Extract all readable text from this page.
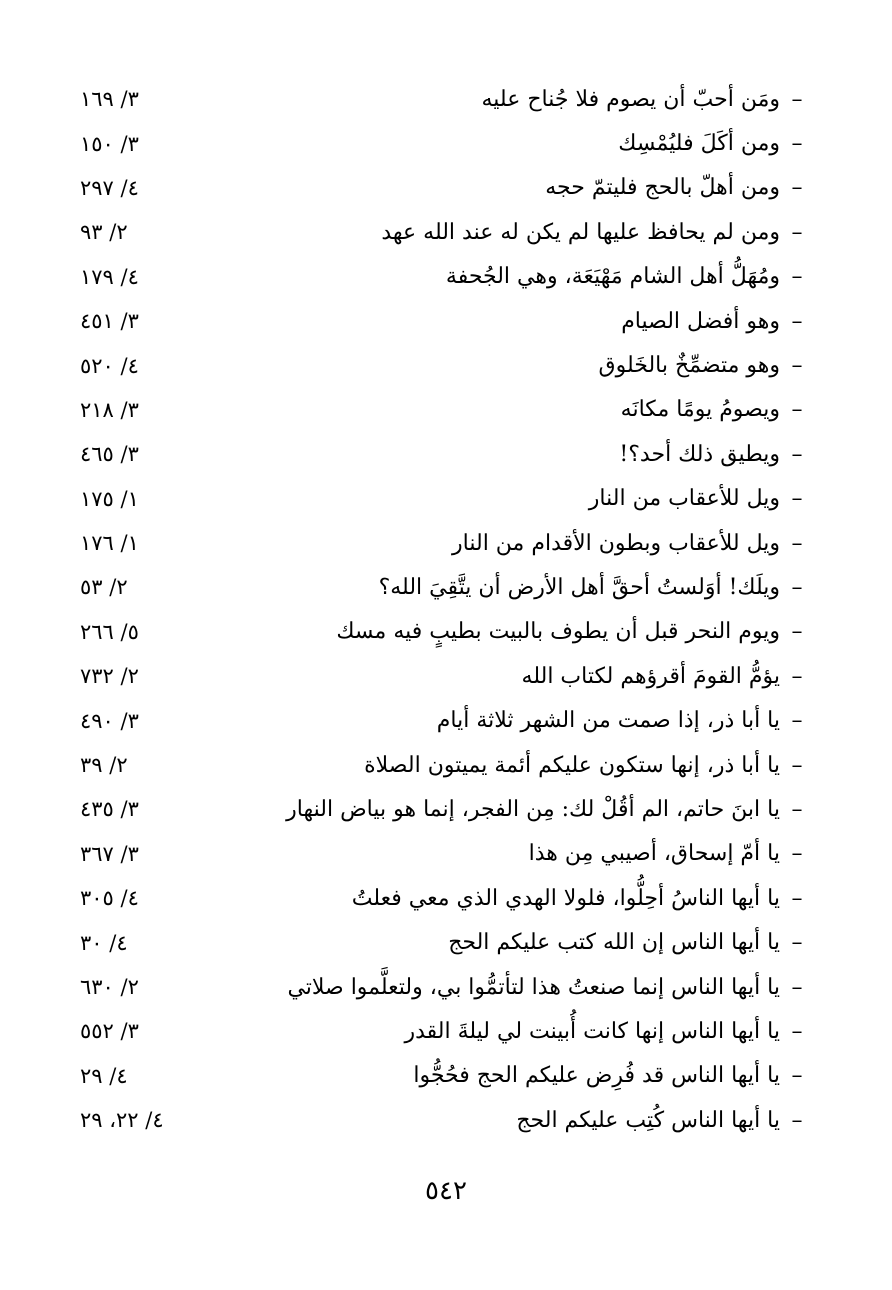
–
ومَن أحبّ أن يصوم فلا جُناح عليه
٣/ ١٦٩
–
ومن أكَلَ فليُمْسِك
٣/ ١٥٠
–
ومن أهلّ بالحج فليتمّ حجه
٤/ ٢٩٧
–
ومن لم يحافظ عليها لم يكن له عند الله عهد
٢/ ٩٣
–
ومُهَلُّ أهل الشام مَهْيَعَة، وهي الجُحفة
٤/ ١٧٩
–
وهو أفضل الصيام
٣/ ٤٥١
–
وهو متضمِّخٌ بالخَلوق
٤/ ٥٢٠
–
ويصومُ يومًا مكانَه
٣/ ٢١٨
–
ويطيق ذلك أحد؟!
٣/ ٤٦٥
–
ويل للأعقاب من النار
١/ ١٧٥
–
ويل للأعقاب وبطون الأقدام من النار
١/ ١٧٦
–
ويلَك! أوَلستُ أحقَّ أهل الأرض أن يتَّقِيَ الله؟
٢/ ٥٣
–
ويوم النحر قبل أن يطوف بالبيت بطيبٍ فيه مسك
٥/ ٢٦٦
–
يؤمُّ القومَ أقرؤهم لكتاب الله
٢/ ٧٣٢
–
يا أبا ذر، إذا صمت من الشهر ثلاثة أيام
٣/ ٤٩٠
–
يا أبا ذر، إنها ستكون عليكم أئمة يميتون الصلاة
٢/ ٣٩
–
يا ابنَ حاتم، الم أقُلْ لك: مِن الفجر، إنما هو بياض النهار
٣/ ٤٣٥
–
يا أمّ إسحاق، أصيبي مِن هذا
٣/ ٣٦٧
–
يا أيها الناسُ أحِلُّوا، فلولا الهدي الذي معي فعلتُ
٤/ ٣٠٥
–
يا أيها الناس إن الله كتب عليكم الحج
٤/ ٣٠
–
يا أيها الناس إنما صنعتُ هذا لتأتمُّوا بي، ولتعلَّموا صلاتي
٢/ ٦٣٠
–
يا أيها الناس إنها كانت أُبينت لي ليلةَ القدر
٣/ ٥٥٢
–
يا أيها الناس قد فُرِض عليكم الحج فحُجُّوا
٤/ ٢٩
–
يا أيها الناس كُتِب عليكم الحج
٤/ ٢٢، ٢٩
٥٤٢
